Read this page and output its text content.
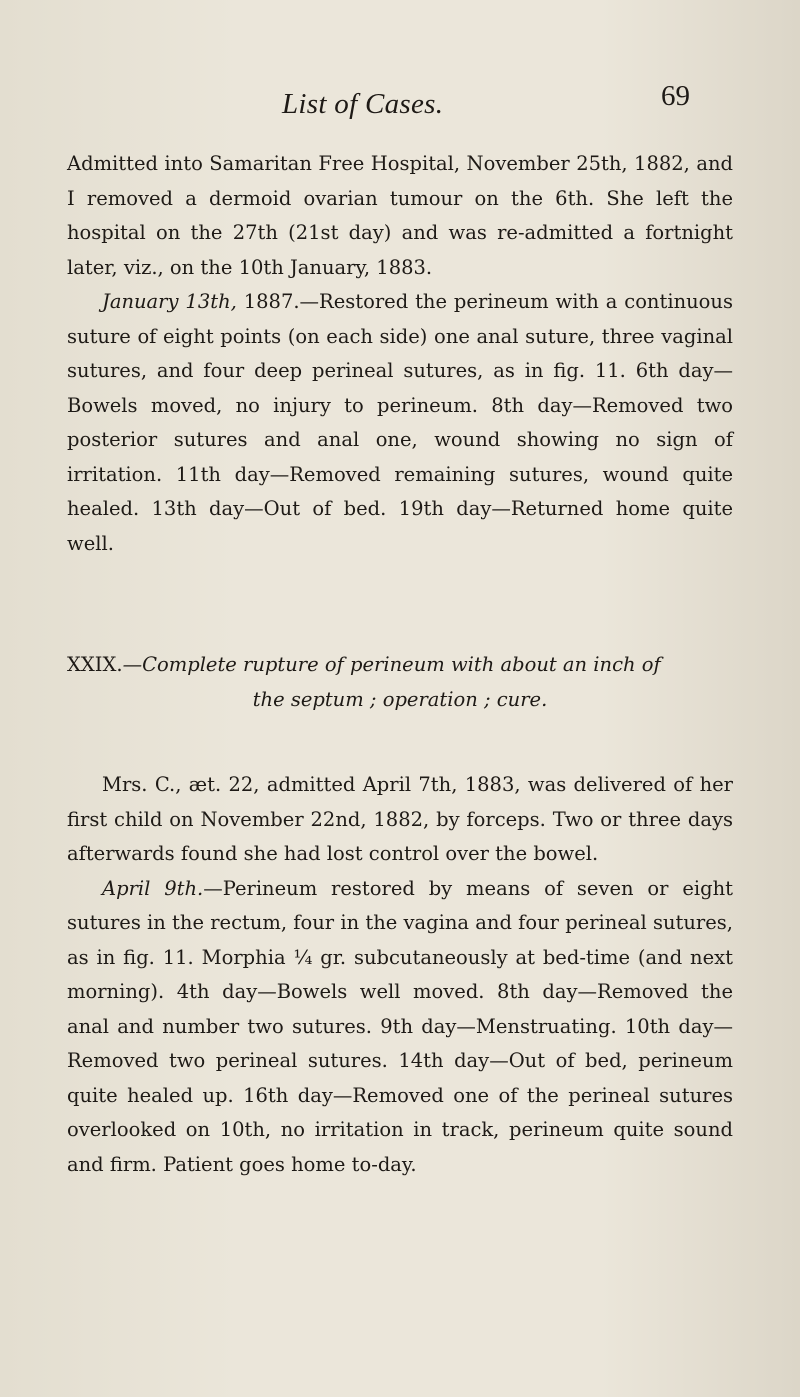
List of Cases.	69

Admitted into Samaritan Free Hospital, November 25th, 1882, and I removed a dermoid ovarian tumour on the 6th. She left the hospital on the 27th (21st day) and was re-admitted a fortnight later, viz., on the 10th January, 1883.

January 13th, 1887.—Restored the perineum with a continuous suture of eight points (on each side) one anal suture, three vaginal sutures, and four deep perineal sutures, as in fig. 11. 6th day—Bowels moved, no injury to perineum. 8th day—Removed two posterior sutures and anal one, wound showing no sign of irritation. 11th day—Removed remaining sutures, wound quite healed. 13th day—Out of bed. 19th day—Returned home quite well.

XXIX.—Complete rupture of perineum with about an inch of

the septum ; operation ; cure.

Mrs. C., æt. 22, admitted April 7th, 1883, was delivered of her first child on November 22nd, 1882, by forceps. Two or three days afterwards found she had lost control over the bowel.

April 9th.—Perineum restored by means of seven or eight sutures in the rectum, four in the vagina and four perineal sutures, as in fig. 11. Morphia ¼ gr. subcutaneously at bed-time (and next morning). 4th day—Bowels well moved. 8th day—Removed the anal and number two sutures. 9th day—Menstruating. 10th day—Removed two perineal sutures. 14th day—Out of bed, perineum quite healed up. 16th day—Removed one of the perineal sutures overlooked on 10th, no irritation in track, perineum quite sound and firm. Patient goes home to-day.
